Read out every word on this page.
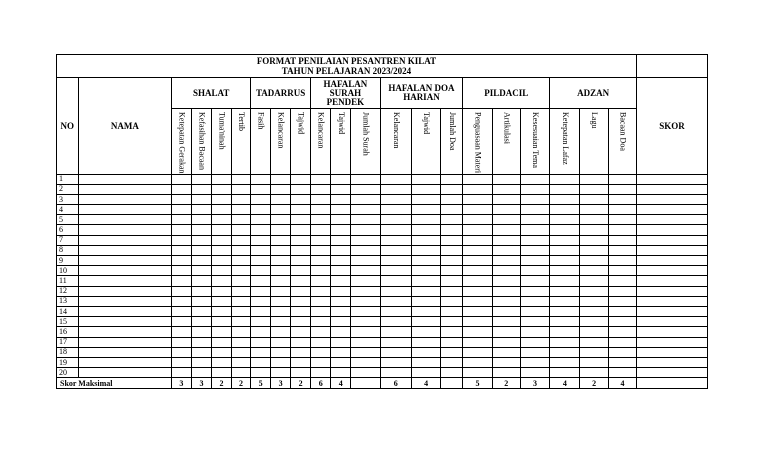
FORMAT PENILAIAN PESANTREN KILAT
TAHUN PELAJARAN 2023/2024																					

NO	NAMA	SHALAT				TADARRUS			HAFALAN SURAH PENDEK			HAFALAN DOA HARIAN			PILDACIL			ADZAN			SKOR

		Ketepatan Gerakan	Kefasihan Bacaan	Tuma'ninah	Tertib	Fasih	Kelancaran	Tajwid	Kelancaran	Tajwid	Jumlah Surah	Kelancaran	Tajwid	Jumlah Doa	Penguasaan Materi	Artikulasi	Kesesuaian Tema	Ketepatan Lafaz	Lagu	Bacaan Doa	

1																					
2																					
3																					
4																					
5																					
6																					
7																					
8																					
9																					
10																					
11																					
12																					
13																					
14																					
15																					
16																					
17																					
18																					
19																					
20																					
Skor Maksimal		3	3	2	2	5	3	2	6	4		6	4		5	2	3	4	2	4	
